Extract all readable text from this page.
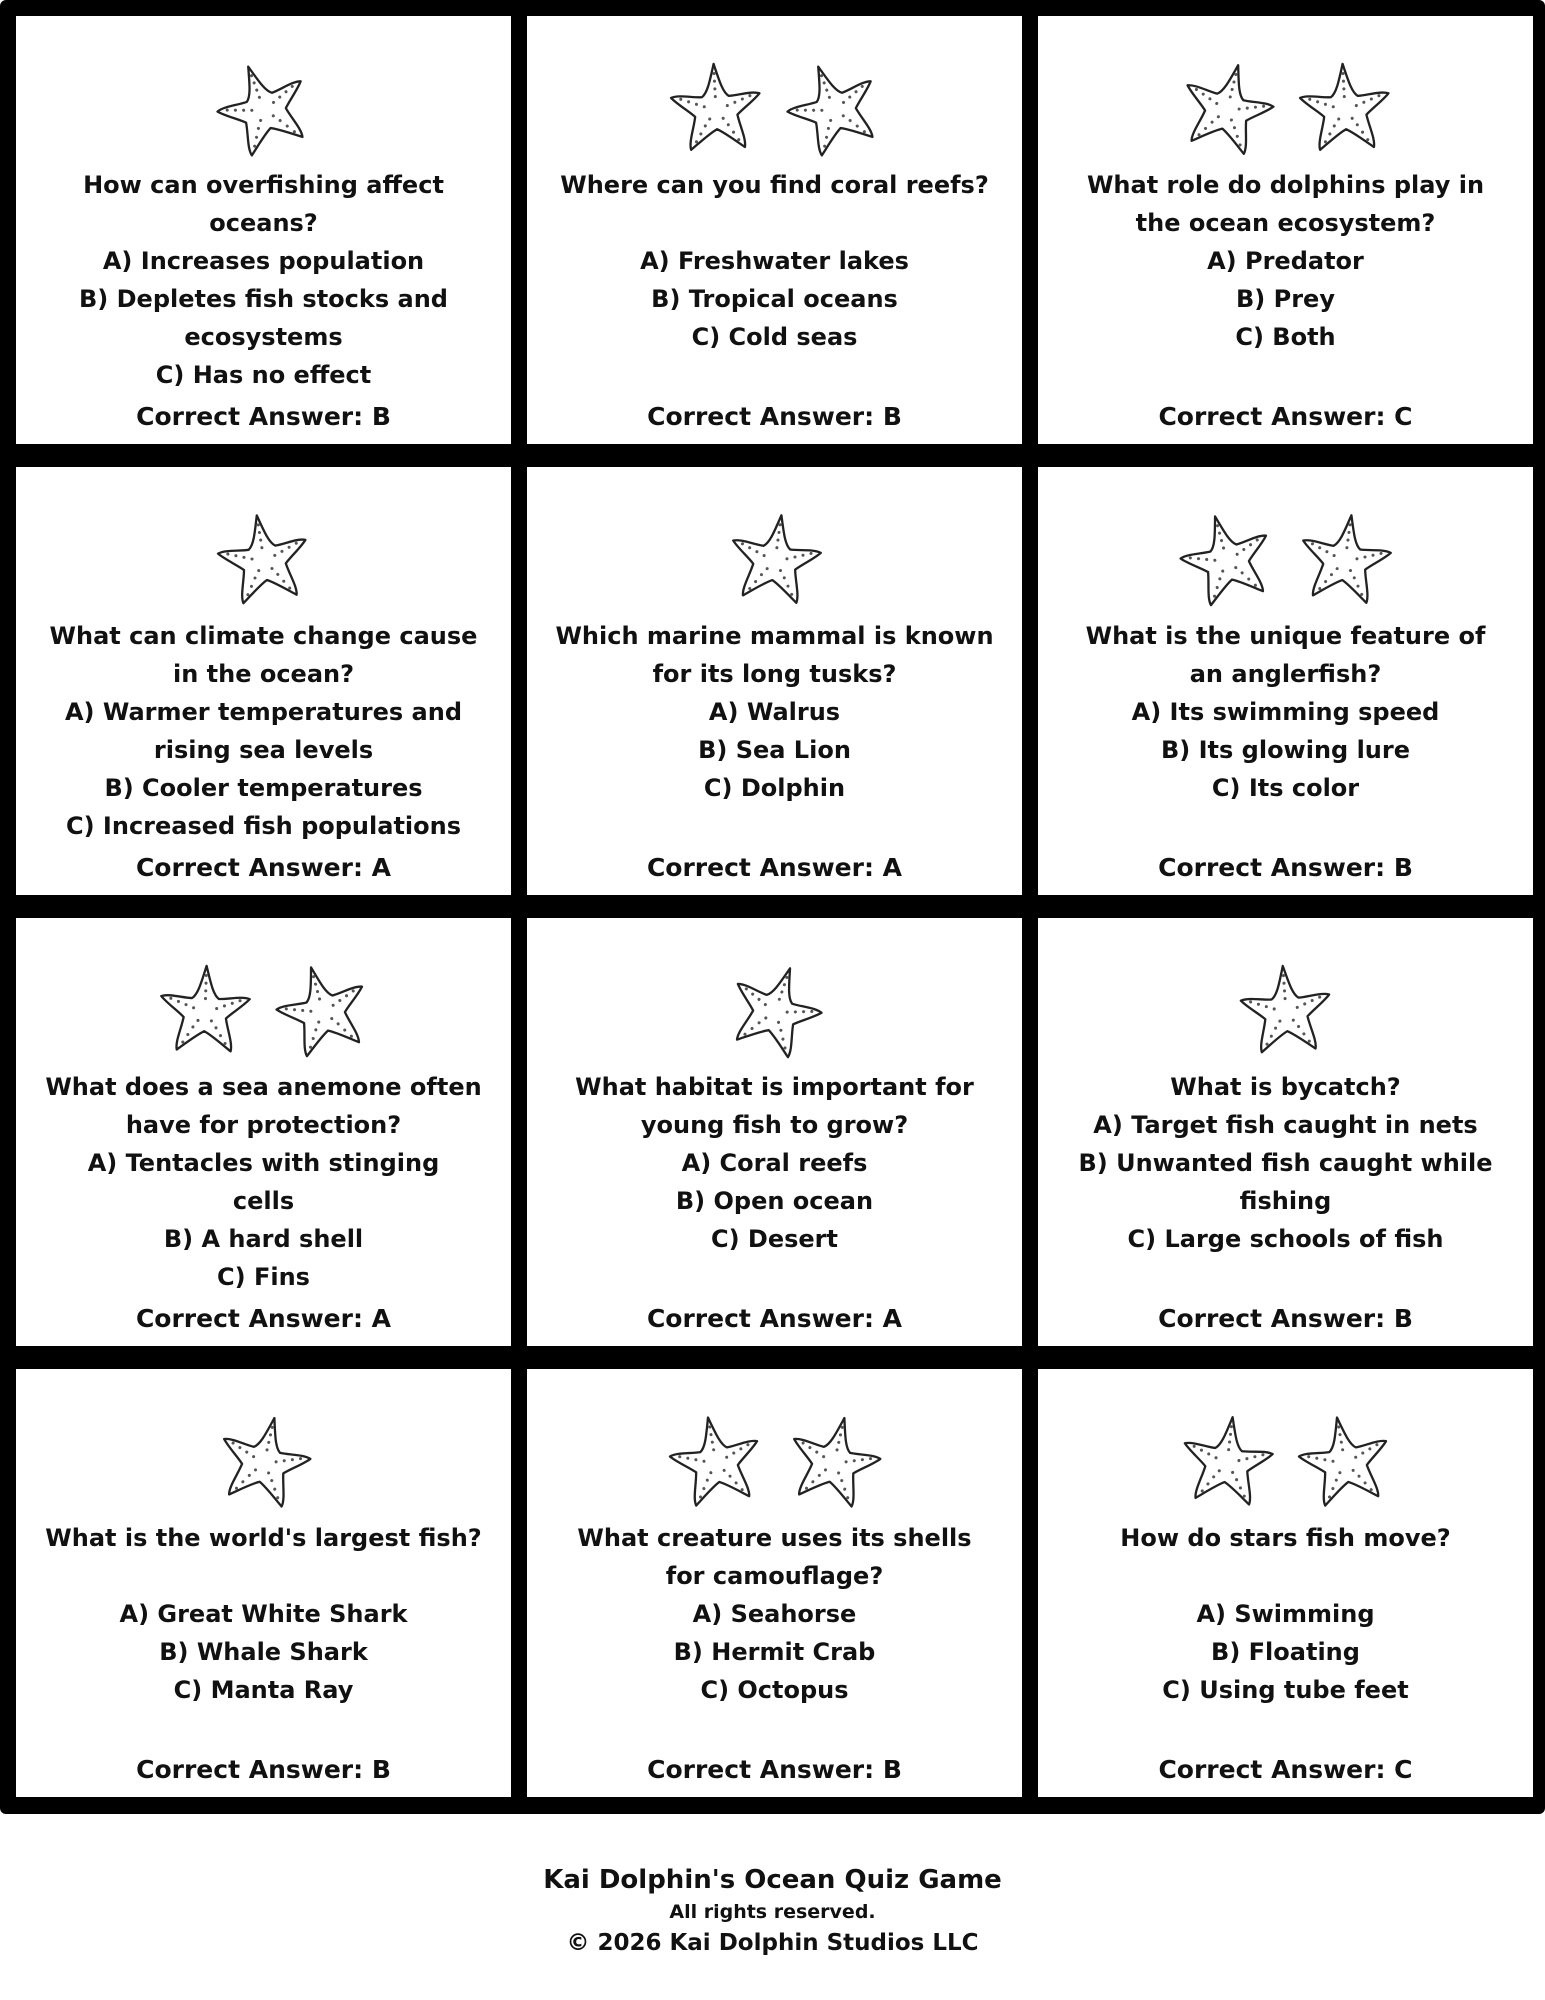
How can overfishing affect oceans?
A) Increases population
B) Depletes fish stocks and ecosystems
C) Has no effect
Correct Answer: B
Where can you find coral reefs?
A) Freshwater lakes
B) Tropical oceans
C) Cold seas
Correct Answer: B
What role do dolphins play in the ocean ecosystem?
A) Predator
B) Prey
C) Both
Correct Answer: C
What can climate change cause in the ocean?
A) Warmer temperatures and rising sea levels
B) Cooler temperatures
C) Increased fish populations
Correct Answer: A
Which marine mammal is known for its long tusks?
A) Walrus
B) Sea Lion
C) Dolphin
Correct Answer: A
What is the unique feature of an anglerfish?
A) Its swimming speed
B) Its glowing lure
C) Its color
Correct Answer: B
What does a sea anemone often have for protection?
A) Tentacles with stinging cells
B) A hard shell
C) Fins
Correct Answer: A
What habitat is important for young fish to grow?
A) Coral reefs
B) Open ocean
C) Desert
Correct Answer: A
What is bycatch?
A) Target fish caught in nets
B) Unwanted fish caught while fishing
C) Large schools of fish
Correct Answer: B
What is the world's largest fish?
A) Great White Shark
B) Whale Shark
C) Manta Ray
Correct Answer: B
What creature uses its shells for camouflage?
A) Seahorse
B) Hermit Crab
C) Octopus
Correct Answer: B
How do stars fish move?
A) Swimming
B) Floating
C) Using tube feet
Correct Answer: C
Kai Dolphin's Ocean Quiz Game
All rights reserved.
© 2026 Kai Dolphin Studios LLC
